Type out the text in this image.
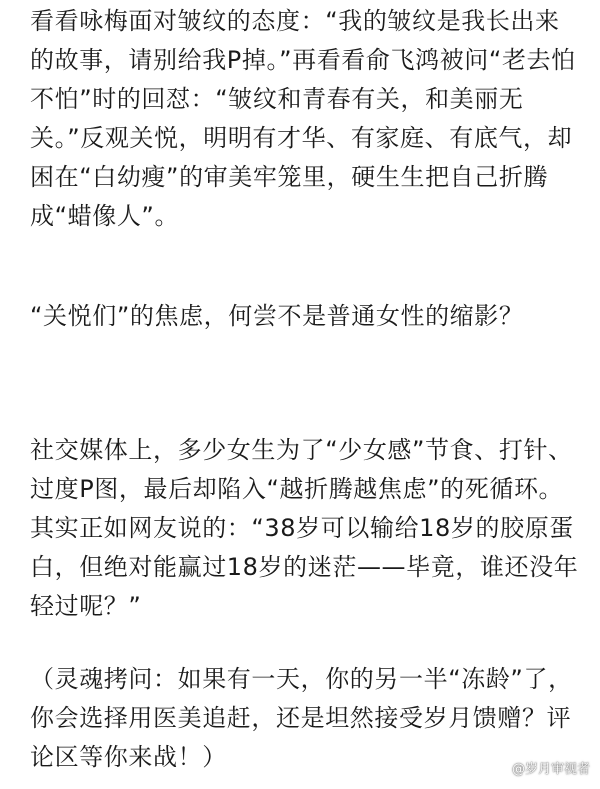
看看咏梅面对皱纹的态度：“我的皱纹是我长出来的故事，请别给我P掉。”再看看俞飞鸿被问“老去怕不怕”时的回怼：“皱纹和青春有关，和美丽无关。”反观关悦，明明有才华、有家庭、有底气，却困在“白幼瘦”的审美牢笼里，硬生生把自己折腾成“蜡像人”。

“关悦们”的焦虑，何尝不是普通女性的缩影？

社交媒体上，多少女生为了“少女感”节食、打针、过度P图，最后却陷入“越折腾越焦虑”的死循环。其实正如网友说的：“38岁可以输给18岁的胶原蛋白，但绝对能赢过18岁的迷茫——毕竟，谁还没年轻过呢？”

（灵魂拷问：如果有一天，你的另一半“冻龄”了，你会选择用医美追赶，还是坦然接受岁月馈赠？评论区等你来战！）	@岁月审视者
